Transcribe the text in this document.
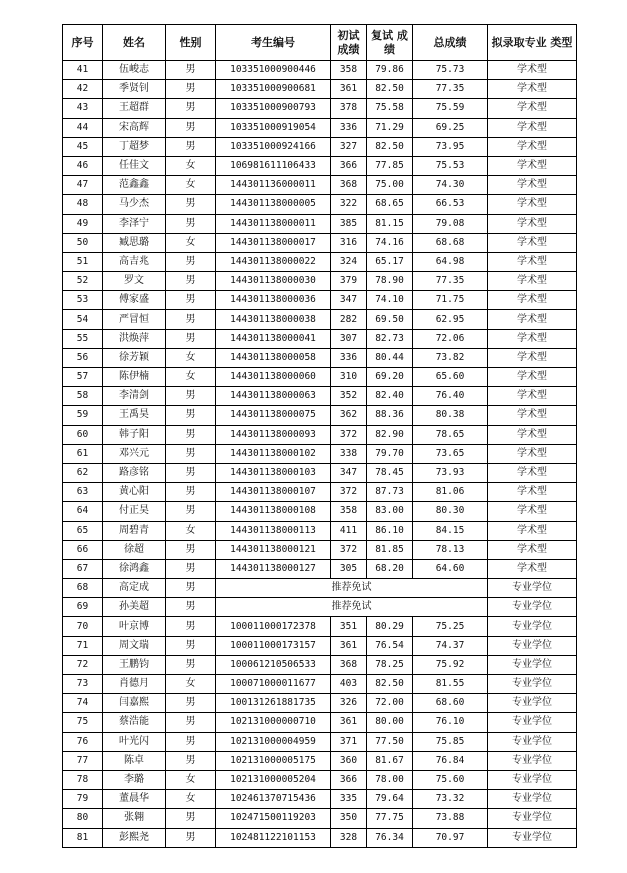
序号	姓名	性别	考生编号	初试 成绩	复试 成绩	总成绩	拟录取专业 类型
41	伍峻志	男	103351000900446	358	79.86	75.73	学术型
42	季贤钊	男	103351000900681	361	82.50	77.35	学术型
43	王超群	男	103351000900793	378	75.58	75.59	学术型
44	宋高辉	男	103351000919054	336	71.29	69.25	学术型
45	丁超梦	男	103351000924166	327	82.50	73.95	学术型
46	任佳文	女	106981611106433	366	77.85	75.53	学术型
47	范鑫鑫	女	144301136000011	368	75.00	74.30	学术型
48	马少杰	男	144301138000005	322	68.65	66.53	学术型
49	李泽宁	男	144301138000011	385	81.15	79.08	学术型
50	臧思璐	女	144301138000017	316	74.16	68.68	学术型
51	高吉兆	男	144301138000022	324	65.17	64.98	学术型
52	罗文	男	144301138000030	379	78.90	77.35	学术型
53	傅家盛	男	144301138000036	347	74.10	71.75	学术型
54	严冒恒	男	144301138000038	282	69.50	62.95	学术型
55	洪焕萍	男	144301138000041	307	82.73	72.06	学术型
56	徐芳颖	女	144301138000058	336	80.44	73.82	学术型
57	陈伊楠	女	144301138000060	310	69.20	65.60	学术型
58	李清剑	男	144301138000063	352	82.40	76.40	学术型
59	王禹昊	男	144301138000075	362	88.36	80.38	学术型
60	韩子阳	男	144301138000093	372	82.90	78.65	学术型
61	邓兴元	男	144301138000102	338	79.70	73.65	学术型
62	路彦铭	男	144301138000103	347	78.45	73.93	学术型
63	黄心阳	男	144301138000107	372	87.73	81.06	学术型
64	付正昊	男	144301138000108	358	83.00	80.30	学术型
65	周碧青	女	144301138000113	411	86.10	84.15	学术型
66	徐超	男	144301138000121	372	81.85	78.13	学术型
67	徐鸿鑫	男	144301138000127	305	68.20	64.60	学术型
68	高定成	男	推荐免试				专业学位
69	孙美超	男	推荐免试				专业学位
70	叶京博	男	100011000172378	351	80.29	75.25	专业学位
71	周文瑞	男	100011000173157	361	76.54	74.37	专业学位
72	王鹏钧	男	100061210506533	368	78.25	75.92	专业学位
73	肖德月	女	100071000011677	403	82.50	81.55	专业学位
74	闫嘉熙	男	100131261881735	326	72.00	68.60	专业学位
75	蔡浩能	男	102131000000710	361	80.00	76.10	专业学位
76	叶光闪	男	102131000004959	371	77.50	75.85	专业学位
77	陈卓	男	102131000005175	360	81.67	76.84	专业学位
78	李璐	女	102131000005204	366	78.00	75.60	专业学位
79	董晨华	女	102461370715436	335	79.64	73.32	专业学位
80	张翱	男	102471500119203	350	77.75	73.88	专业学位
81	彭熙尧	男	102481122101153	328	76.34	70.97	专业学位
